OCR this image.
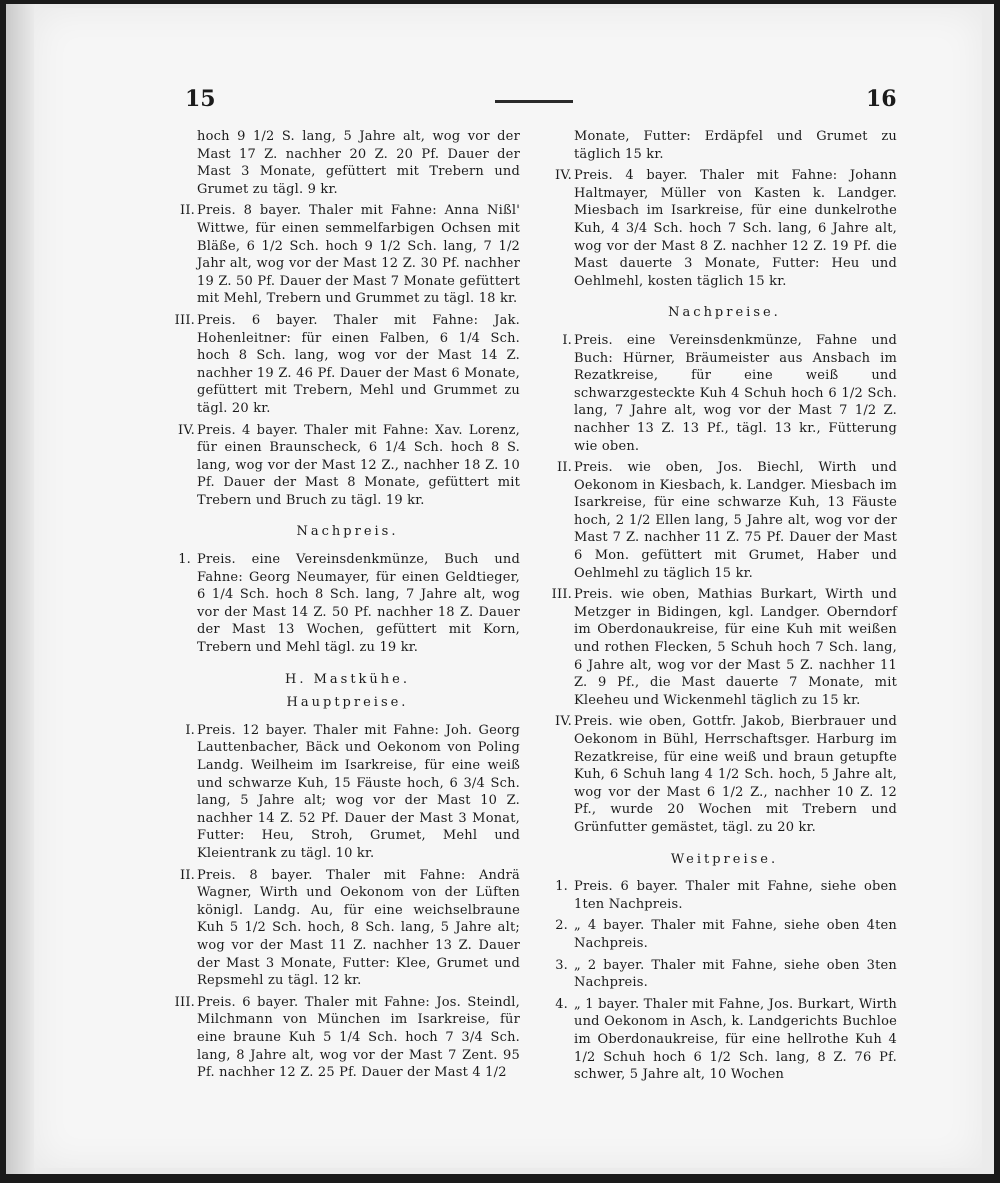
15	16
hoch 9 1/2 S. lang, 5 Jahre alt, wog vor der Mast 17 Z. nachher 20 Z. 20 Pf. Dauer der Mast 3 Monate, gefüttert mit Trebern und Grumet zu tägl. 9 kr.
II. Preis. 8 bayer. Thaler mit Fahne: Anna Nißl' Wittwe, für einen semmelfarbigen Ochsen mit Bläße, 6 1/2 Sch. hoch 9 1/2 Sch. lang, 7 1/2 Jahr alt, wog vor der Mast 12 Z. 30 Pf. nachher 19 Z. 50 Pf. Dauer der Mast 7 Monate gefüttert mit Mehl, Trebern und Grummet zu tägl. 18 kr.
III. Preis. 6 bayer. Thaler mit Fahne: Jak. Hohenleitner: für einen Falben, 6 1/4 Sch. hoch 8 Sch. lang, wog vor der Mast 14 Z. nachher 19 Z. 46 Pf. Dauer der Mast 6 Monate, gefüttert mit Trebern, Mehl und Grummet zu tägl. 20 kr.
IV. Preis. 4 bayer. Thaler mit Fahne: Xav. Lorenz, für einen Braunscheck, 6 1/4 Sch. hoch 8 S. lang, wog vor der Mast 12 Z., nachher 18 Z. 10 Pf. Dauer der Mast 8 Monate, gefüttert mit Trebern und Bruch zu tägl. 19 kr.
Nachpreis.
1. Preis. eine Vereinsdenkmünze, Buch und Fahne: Georg Neumayer, für einen Geldtieger, 6 1/4 Sch. hoch 8 Sch. lang, 7 Jahre alt, wog vor der Mast 14 Z. 50 Pf. nachher 18 Z. Dauer der Mast 13 Wochen, gefüttert mit Korn, Trebern und Mehl tägl. zu 19 kr.
H. Mastkühe.
Hauptpreise.
I. Preis. 12 bayer. Thaler mit Fahne: Joh. Georg Lauttenbacher, Bäck und Oekonom von Poling Landg. Weilheim im Isarkreise, für eine weiß und schwarze Kuh, 15 Fäuste hoch, 6 3/4 Sch. lang, 5 Jahre alt; wog vor der Mast 10 Z. nachher 14 Z. 52 Pf. Dauer der Mast 3 Monat, Futter: Heu, Stroh, Grumet, Mehl und Kleientrank zu tägl. 10 kr.
II. Preis. 8 bayer. Thaler mit Fahne: Andrä Wagner, Wirth und Oekonom von der Lüften königl. Landg. Au, für eine weichselbraune Kuh 5 1/2 Sch. hoch, 8 Sch. lang, 5 Jahre alt; wog vor der Mast 11 Z. nachher 13 Z. Dauer der Mast 3 Monate, Futter: Klee, Grumet und Repsmehl zu tägl. 12 kr.
III. Preis. 6 bayer. Thaler mit Fahne: Jos. Steindl, Milchmann von München im Isarkreise, für eine braune Kuh 5 1/4 Sch. hoch 7 3/4 Sch. lang, 8 Jahre alt, wog vor der Mast 7 Zent. 95 Pf. nachher 12 Z. 25 Pf. Dauer der Mast 4 1/2
Monate, Futter: Erdäpfel und Grumet zu täglich 15 kr.
IV. Preis. 4 bayer. Thaler mit Fahne: Johann Haltmayer, Müller von Kasten k. Landger. Miesbach im Isarkreise, für eine dunkelrothe Kuh, 4 3/4 Sch. hoch 7 Sch. lang, 6 Jahre alt, wog vor der Mast 8 Z. nachher 12 Z. 19 Pf. die Mast dauerte 3 Monate, Futter: Heu und Oehlmehl, kosten täglich 15 kr.
Nachpreise.
I. Preis. eine Vereinsdenkmünze, Fahne und Buch: Hürner, Bräumeister aus Ansbach im Rezatkreise, für eine weiß und schwarzgesteckte Kuh 4 Schuh hoch 6 1/2 Sch. lang, 7 Jahre alt, wog vor der Mast 7 1/2 Z. nachher 13 Z. 13 Pf., tägl. 13 kr., Fütterung wie oben.
II. Preis. wie oben, Jos. Biechl, Wirth und Oekonom in Kiesbach, k. Landger. Miesbach im Isarkreise, für eine schwarze Kuh, 13 Fäuste hoch, 2 1/2 Ellen lang, 5 Jahre alt, wog vor der Mast 7 Z. nachher 11 Z. 75 Pf. Dauer der Mast 6 Mon. gefüttert mit Grumet, Haber und Oehlmehl zu täglich 15 kr.
III. Preis. wie oben, Mathias Burkart, Wirth und Metzger in Bidingen, kgl. Landger. Oberndorf im Oberdonaukreise, für eine Kuh mit weißen und rothen Flecken, 5 Schuh hoch 7 Sch. lang, 6 Jahre alt, wog vor der Mast 5 Z. nachher 11 Z. 9 Pf., die Mast dauerte 7 Monate, mit Kleeheu und Wickenmehl täglich zu 15 kr.
IV. Preis. wie oben, Gottfr. Jakob, Bierbrauer und Oekonom in Bühl, Herrschaftsger. Harburg im Rezatkreise, für eine weiß und braun getupfte Kuh, 6 Schuh lang 4 1/2 Sch. hoch, 5 Jahre alt, wog vor der Mast 6 1/2 Z., nachher 10 Z. 12 Pf., wurde 20 Wochen mit Trebern und Grünfutter gemästet, tägl. zu 20 kr.
Weitpreise.
1. Preis. 6 bayer. Thaler mit Fahne, siehe oben 1ten Nachpreis.
2. „ 4 bayer. Thaler mit Fahne, siehe oben 4ten Nachpreis.
3. „ 2 bayer. Thaler mit Fahne, siehe oben 3ten Nachpreis.
4. „ 1 bayer. Thaler mit Fahne, Jos. Burkart, Wirth und Oekonom in Asch, k. Landgerichts Buchloe im Oberdonaukreise, für eine hellrothe Kuh 4 1/2 Schuh hoch 6 1/2 Sch. lang, 8 Z. 76 Pf. schwer, 5 Jahre alt, 10 Wochen
